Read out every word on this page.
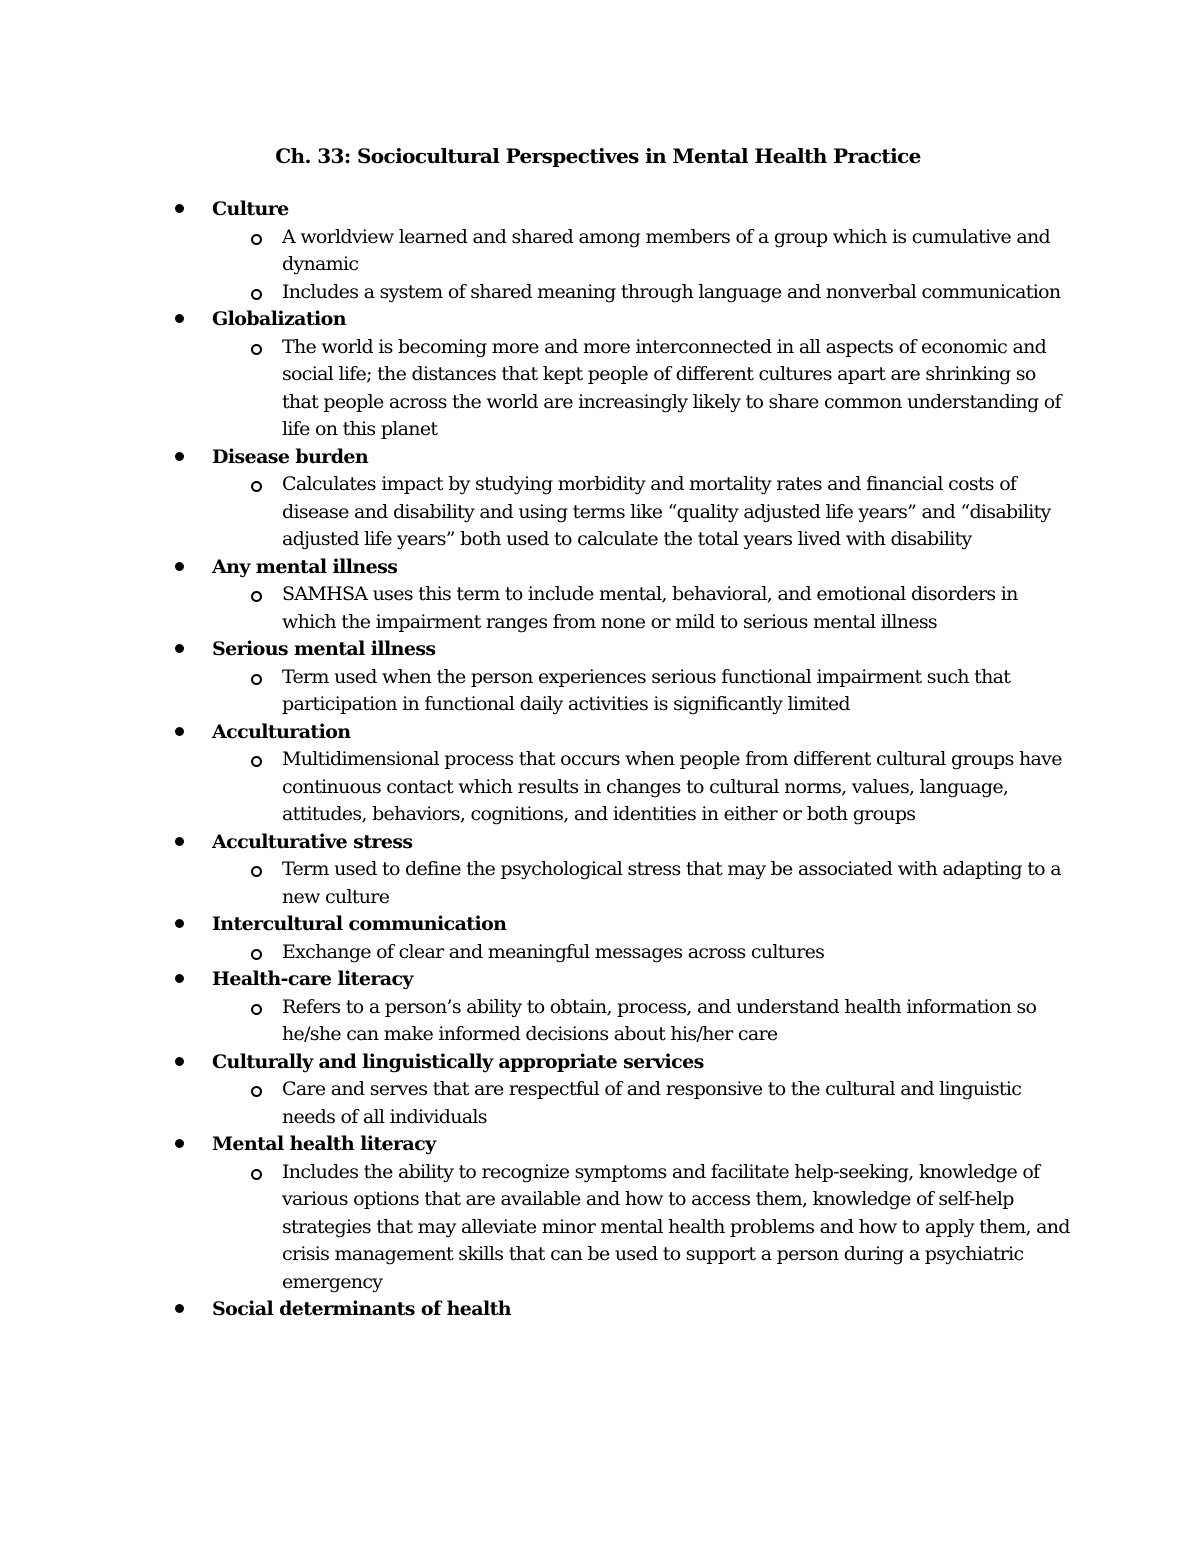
Ch. 33: Sociocultural Perspectives in Mental Health Practice
Culture
A worldview learned and shared among members of a group which is cumulative and dynamic
Includes a system of shared meaning through language and nonverbal communication
Globalization
The world is becoming more and more interconnected in all aspects of economic and social life; the distances that kept people of different cultures apart are shrinking so that people across the world are increasingly likely to share common understanding of life on this planet
Disease burden
Calculates impact by studying morbidity and mortality rates and financial costs of disease and disability and using terms like “quality adjusted life years” and “disability adjusted life years” both used to calculate the total years lived with disability
Any mental illness
SAMHSA uses this term to include mental, behavioral, and emotional disorders in which the impairment ranges from none or mild to serious mental illness
Serious mental illness
Term used when the person experiences serious functional impairment such that participation in functional daily activities is significantly limited
Acculturation
Multidimensional process that occurs when people from different cultural groups have continuous contact which results in changes to cultural norms, values, language, attitudes, behaviors, cognitions, and identities in either or both groups
Acculturative stress
Term used to define the psychological stress that may be associated with adapting to a new culture
Intercultural communication
Exchange of clear and meaningful messages across cultures
Health-care literacy
Refers to a person’s ability to obtain, process, and understand health information so he/she can make informed decisions about his/her care
Culturally and linguistically appropriate services
Care and serves that are respectful of and responsive to the cultural and linguistic needs of all individuals
Mental health literacy
Includes the ability to recognize symptoms and facilitate help-seeking, knowledge of various options that are available and how to access them, knowledge of self-help strategies that may alleviate minor mental health problems and how to apply them, and crisis management skills that can be used to support a person during a psychiatric emergency
Social determinants of health
